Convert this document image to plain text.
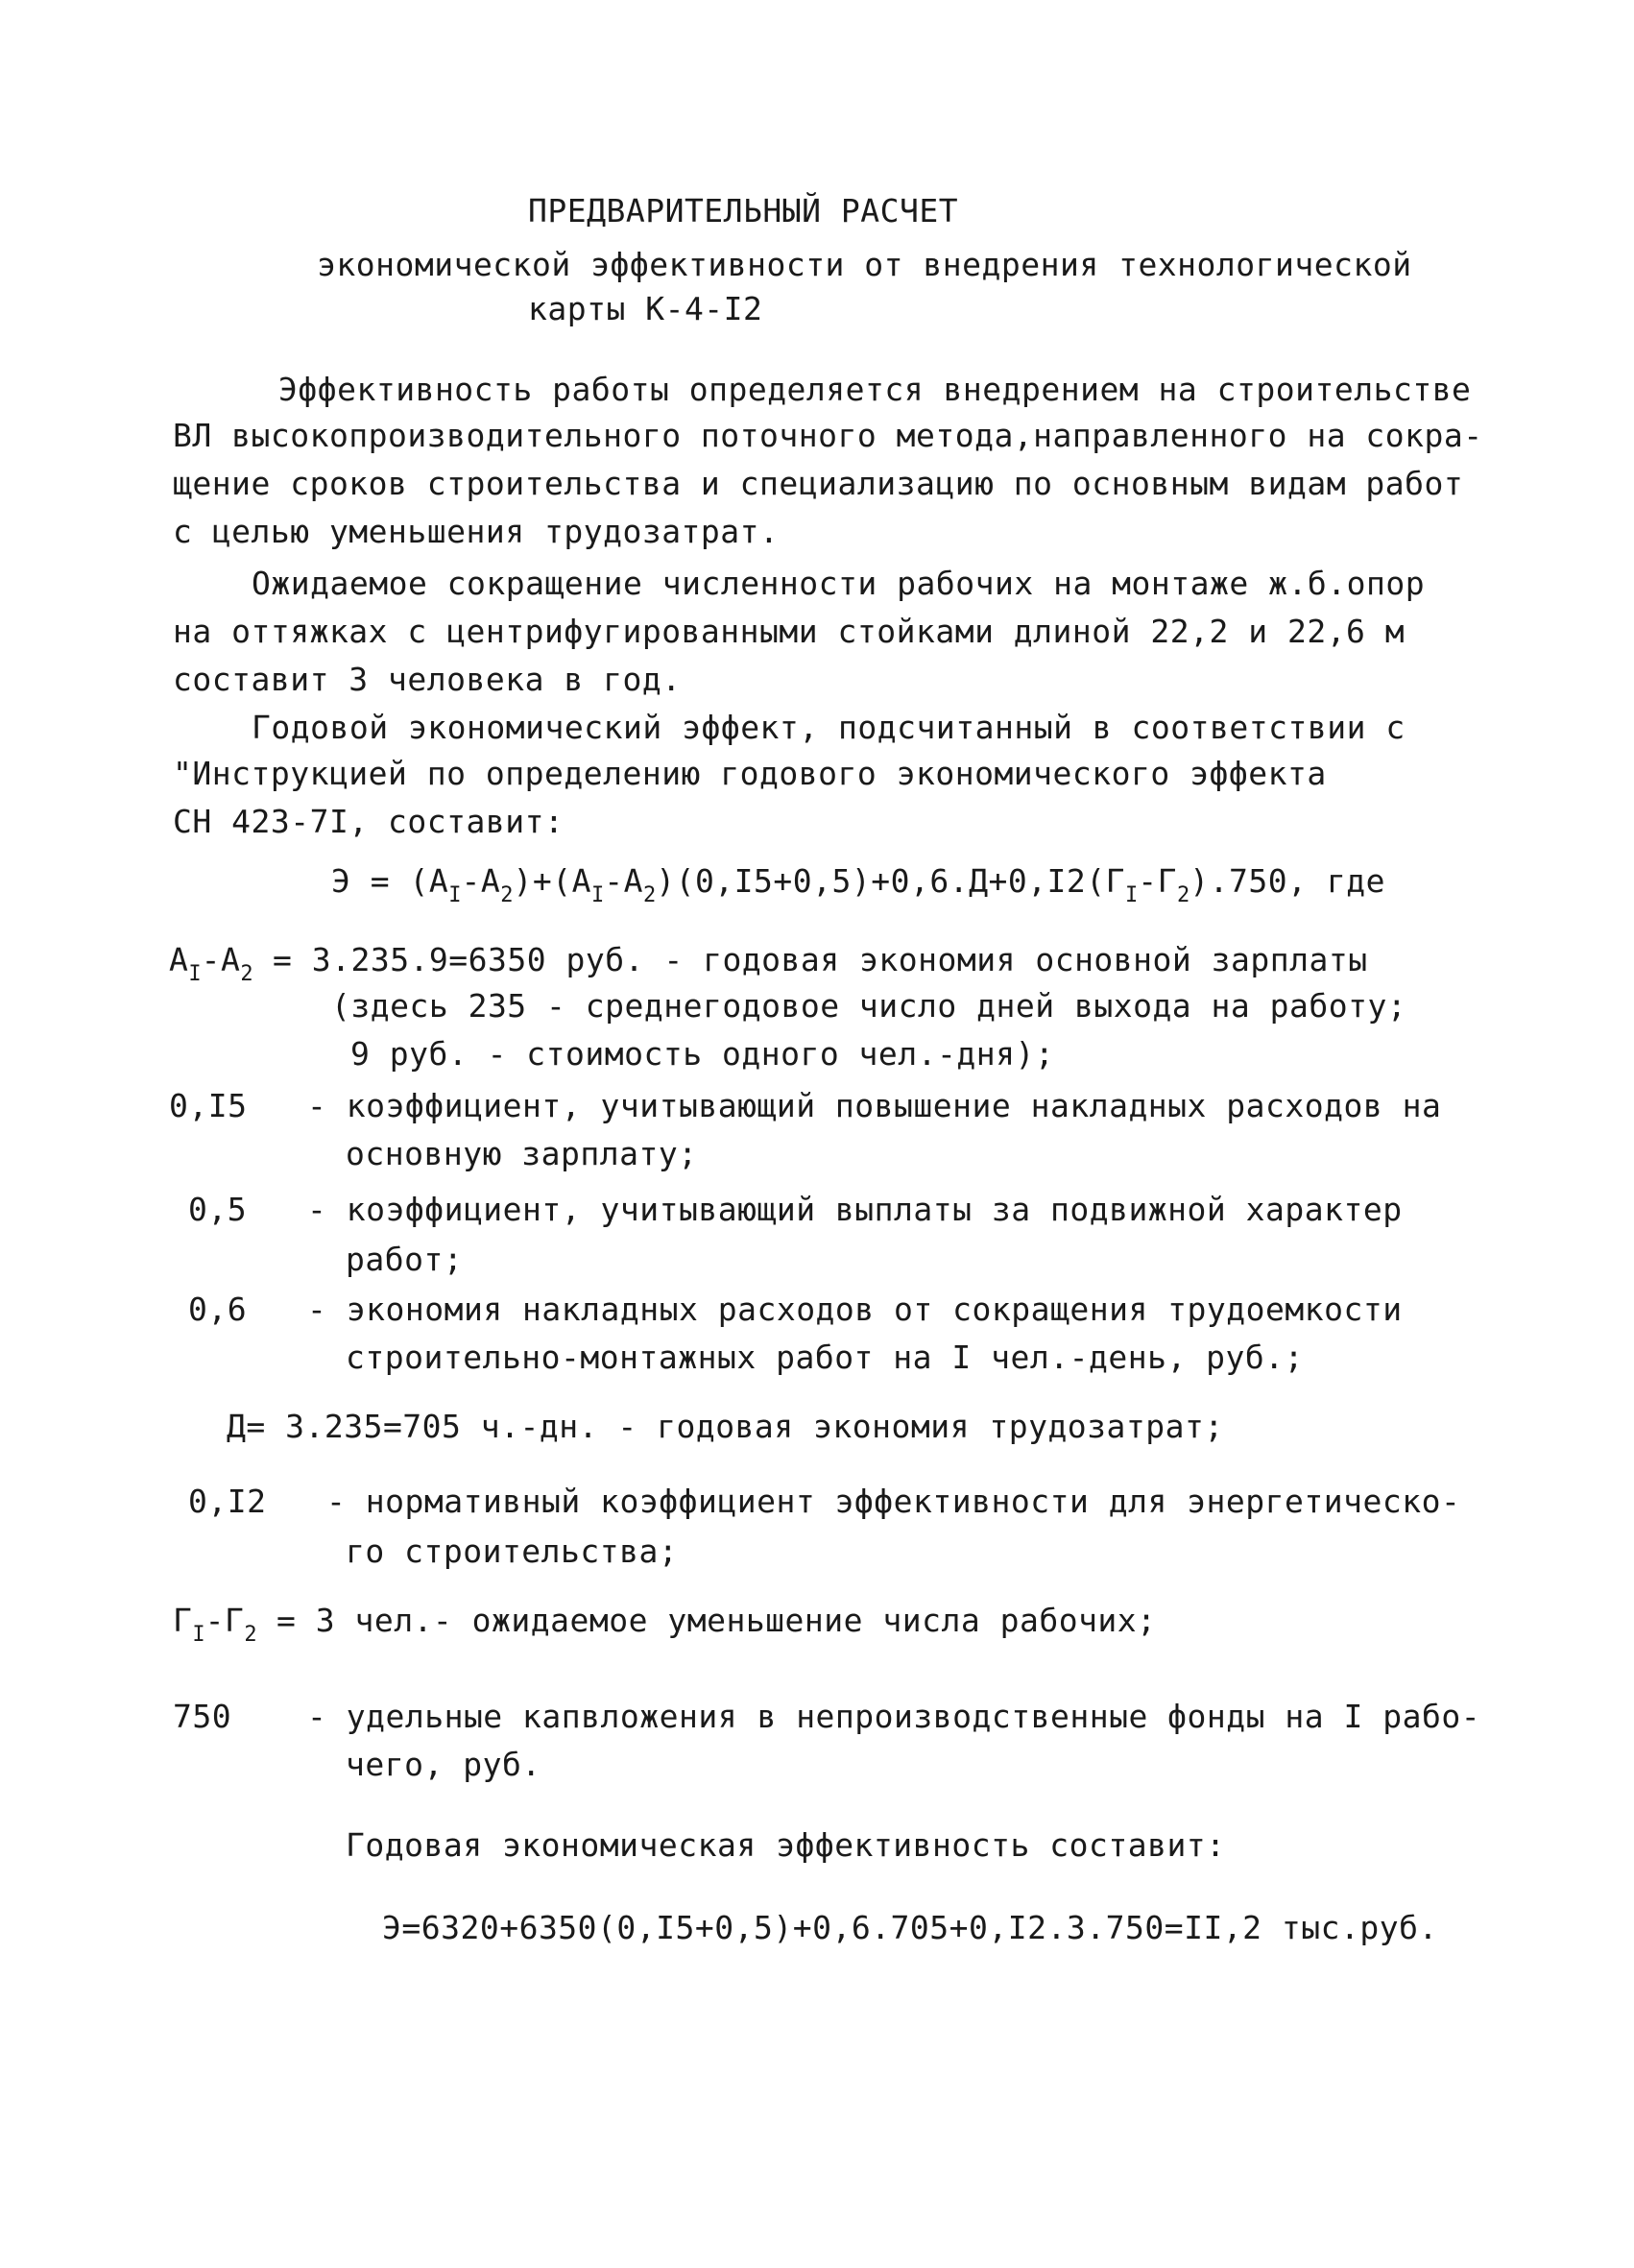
ПРЕДВАРИТЕЛЬНЫЙ РАСЧЕТ
экономической эффективности от внедрения технологической
карты К-4-I2
Эффективность работы определяется внедрением на строительстве
ВЛ высокопроизводительного поточного метода,направленного на сокра-
щение сроков строительства и специализацию по основным видам работ
с целью уменьшения трудозатрат.
Ожидаемое сокращение численности рабочих на монтаже ж.б.опор
на оттяжках с центрифугированными стойками длиной 22,2 и 22,6 м
составит 3 человека в год.
Годовой экономический эффект, подсчитанный в соответствии с
"Инструкцией по определению годового экономического эффекта
СН 423-7I, составит:
$Э = (А_I-А_2)+(А_I-А_2)(0,I5+0,5)+0,6.Д+0,I2(Г_I-Г_2).750$, где
$А_I-А_2 = 3.235.9=6350$ руб. - годовая экономия основной зарплаты
(здесь 235 - среднегодовое число дней выхода на работу;
9 руб. - стоимость одного чел.-дня);
0,I5 - коэффициент, учитывающий повышение накладных расходов на
основную зарплату;
0,5 - коэффициент, учитывающий выплаты за подвижной характер
работ;
0,6 - экономия накладных расходов от сокращения трудоемкости
строительно-монтажных работ на I чел.-день, руб.;
Д= 3.235=705 ч.-дн. - годовая экономия трудозатрат;
0,I2 - нормативный коэффициент эффективности для энергетическо-
го строительства;
$Г_I-Г_2 = 3$ чел.- ожидаемое уменьшение числа рабочих;
750 - удельные капвложения в непроизводственные фонды на I рабо-
чего, руб.
Годовая экономическая эффективность составит:
Э=6320+6350(0,I5+0,5)+0,6.705+0,I2.3.750=II,2 тыс.руб.
